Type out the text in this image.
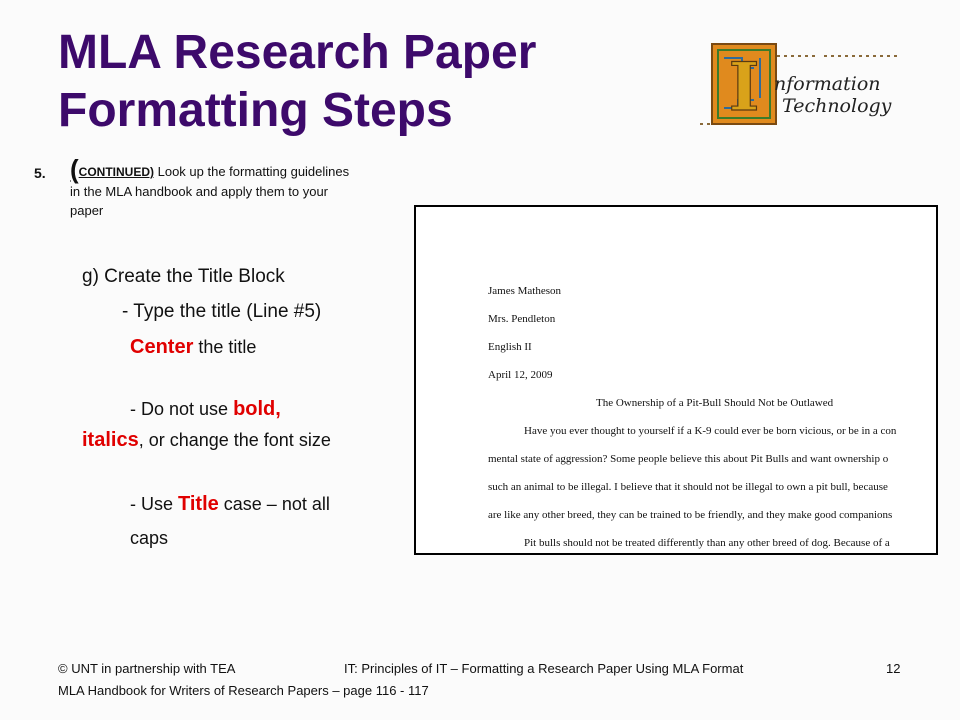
MLA Research Paper
Formatting Steps	I nformation
Technology
5. (CONTINUED) Look up the formatting guidelines in the MLA handbook and apply them to your paper
g) Create the Title Block
- Type the title (Line #5)
Center the title
- Do not use bold,
italics, or change the font size
- Use Title case – not all
caps
James Matheson
Mrs. Pendleton
English II
April 12, 2009
The Ownership of a Pit-Bull Should Not be Outlawed
Have you ever thought to yourself if a K-9 could ever be born vicious, or be in a con
mental state of aggression? Some people believe this about Pit Bulls and want ownership o
such an animal to be illegal. I believe that it should not be illegal to own a pit bull, because
are like any other breed, they can be trained to be friendly, and they make good companions
Pit bulls should not be treated differently than any other breed of dog. Because of a
© UNT in partnership with TEA	IT: Principles of IT – Formatting a Research Paper Using MLA Format	12
MLA Handbook for Writers of Research Papers – page 116 - 117
